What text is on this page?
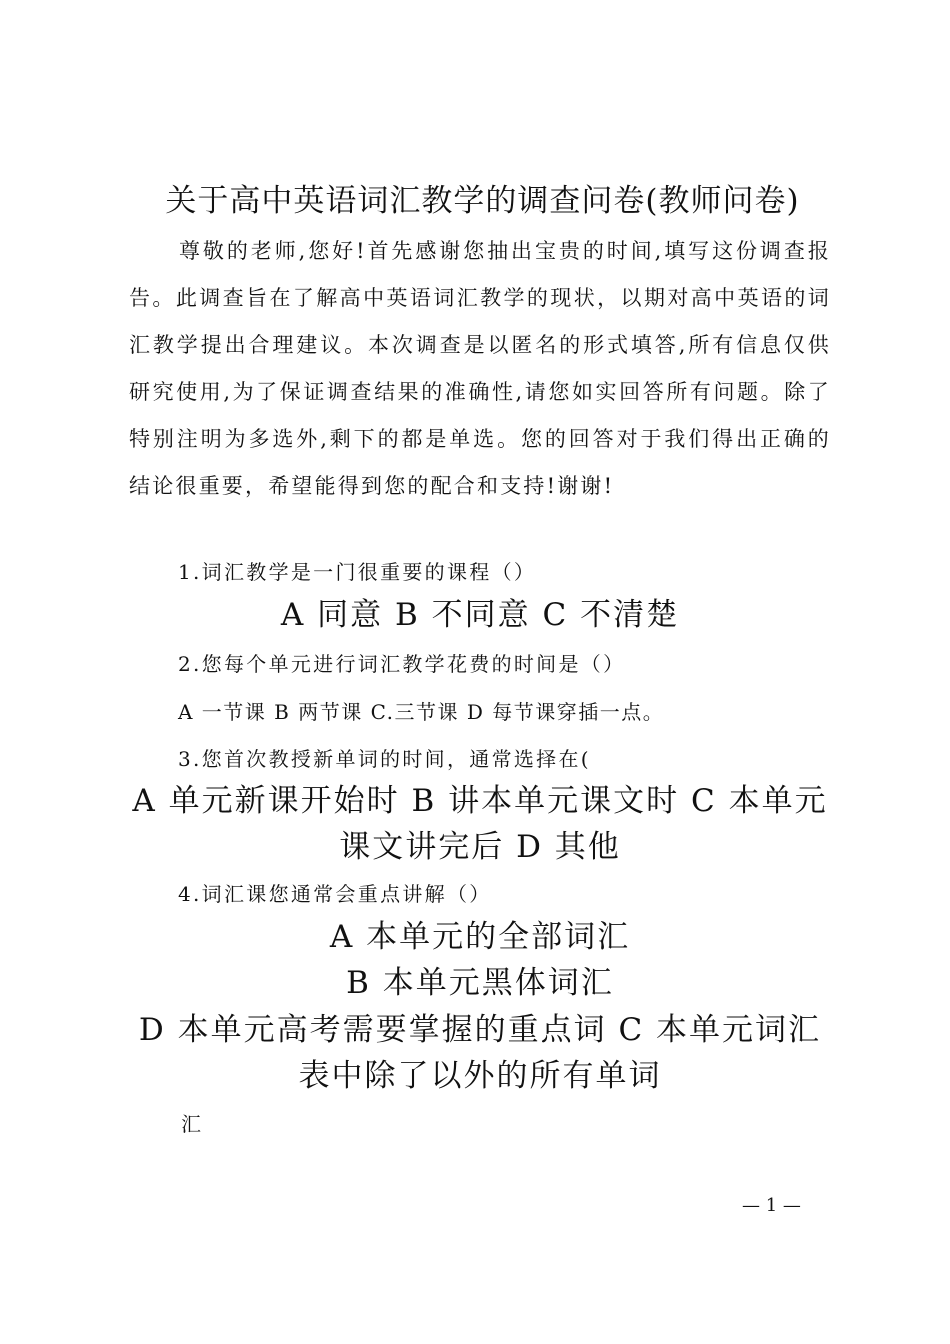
关于高中英语词汇教学的调查问卷(教师问卷)
尊敬的老师,您好!首先感谢您抽出宝贵的时间,填写这份调查报告。此调查旨在了解高中英语词汇教学的现状，以期对高中英语的词汇教学提出合理建议。本次调查是以匿名的形式填答,所有信息仅供研究使用,为了保证调查结果的准确性,请您如实回答所有问题。除了特别注明为多选外,剩下的都是单选。您的回答对于我们得出正确的结论很重要，希望能得到您的配合和支持!谢谢!
1.词汇教学是一门很重要的课程（）
A 同意 B 不同意 C 不清楚
2.您每个单元进行词汇教学花费的时间是（）
A 一节课 B 两节课 C.三节课 D 每节课穿插一点。
3.您首次教授新单词的时间，通常选择在(
A 单元新课开始时 B 讲本单元课文时 C 本单元课文讲完后 D 其他
4.词汇课您通常会重点讲解（）
A 本单元的全部词汇
B 本单元黑体词汇
D 本单元高考需要掌握的重点词 C 本单元词汇表中除了以外的所有单词
汇
— 1 —
